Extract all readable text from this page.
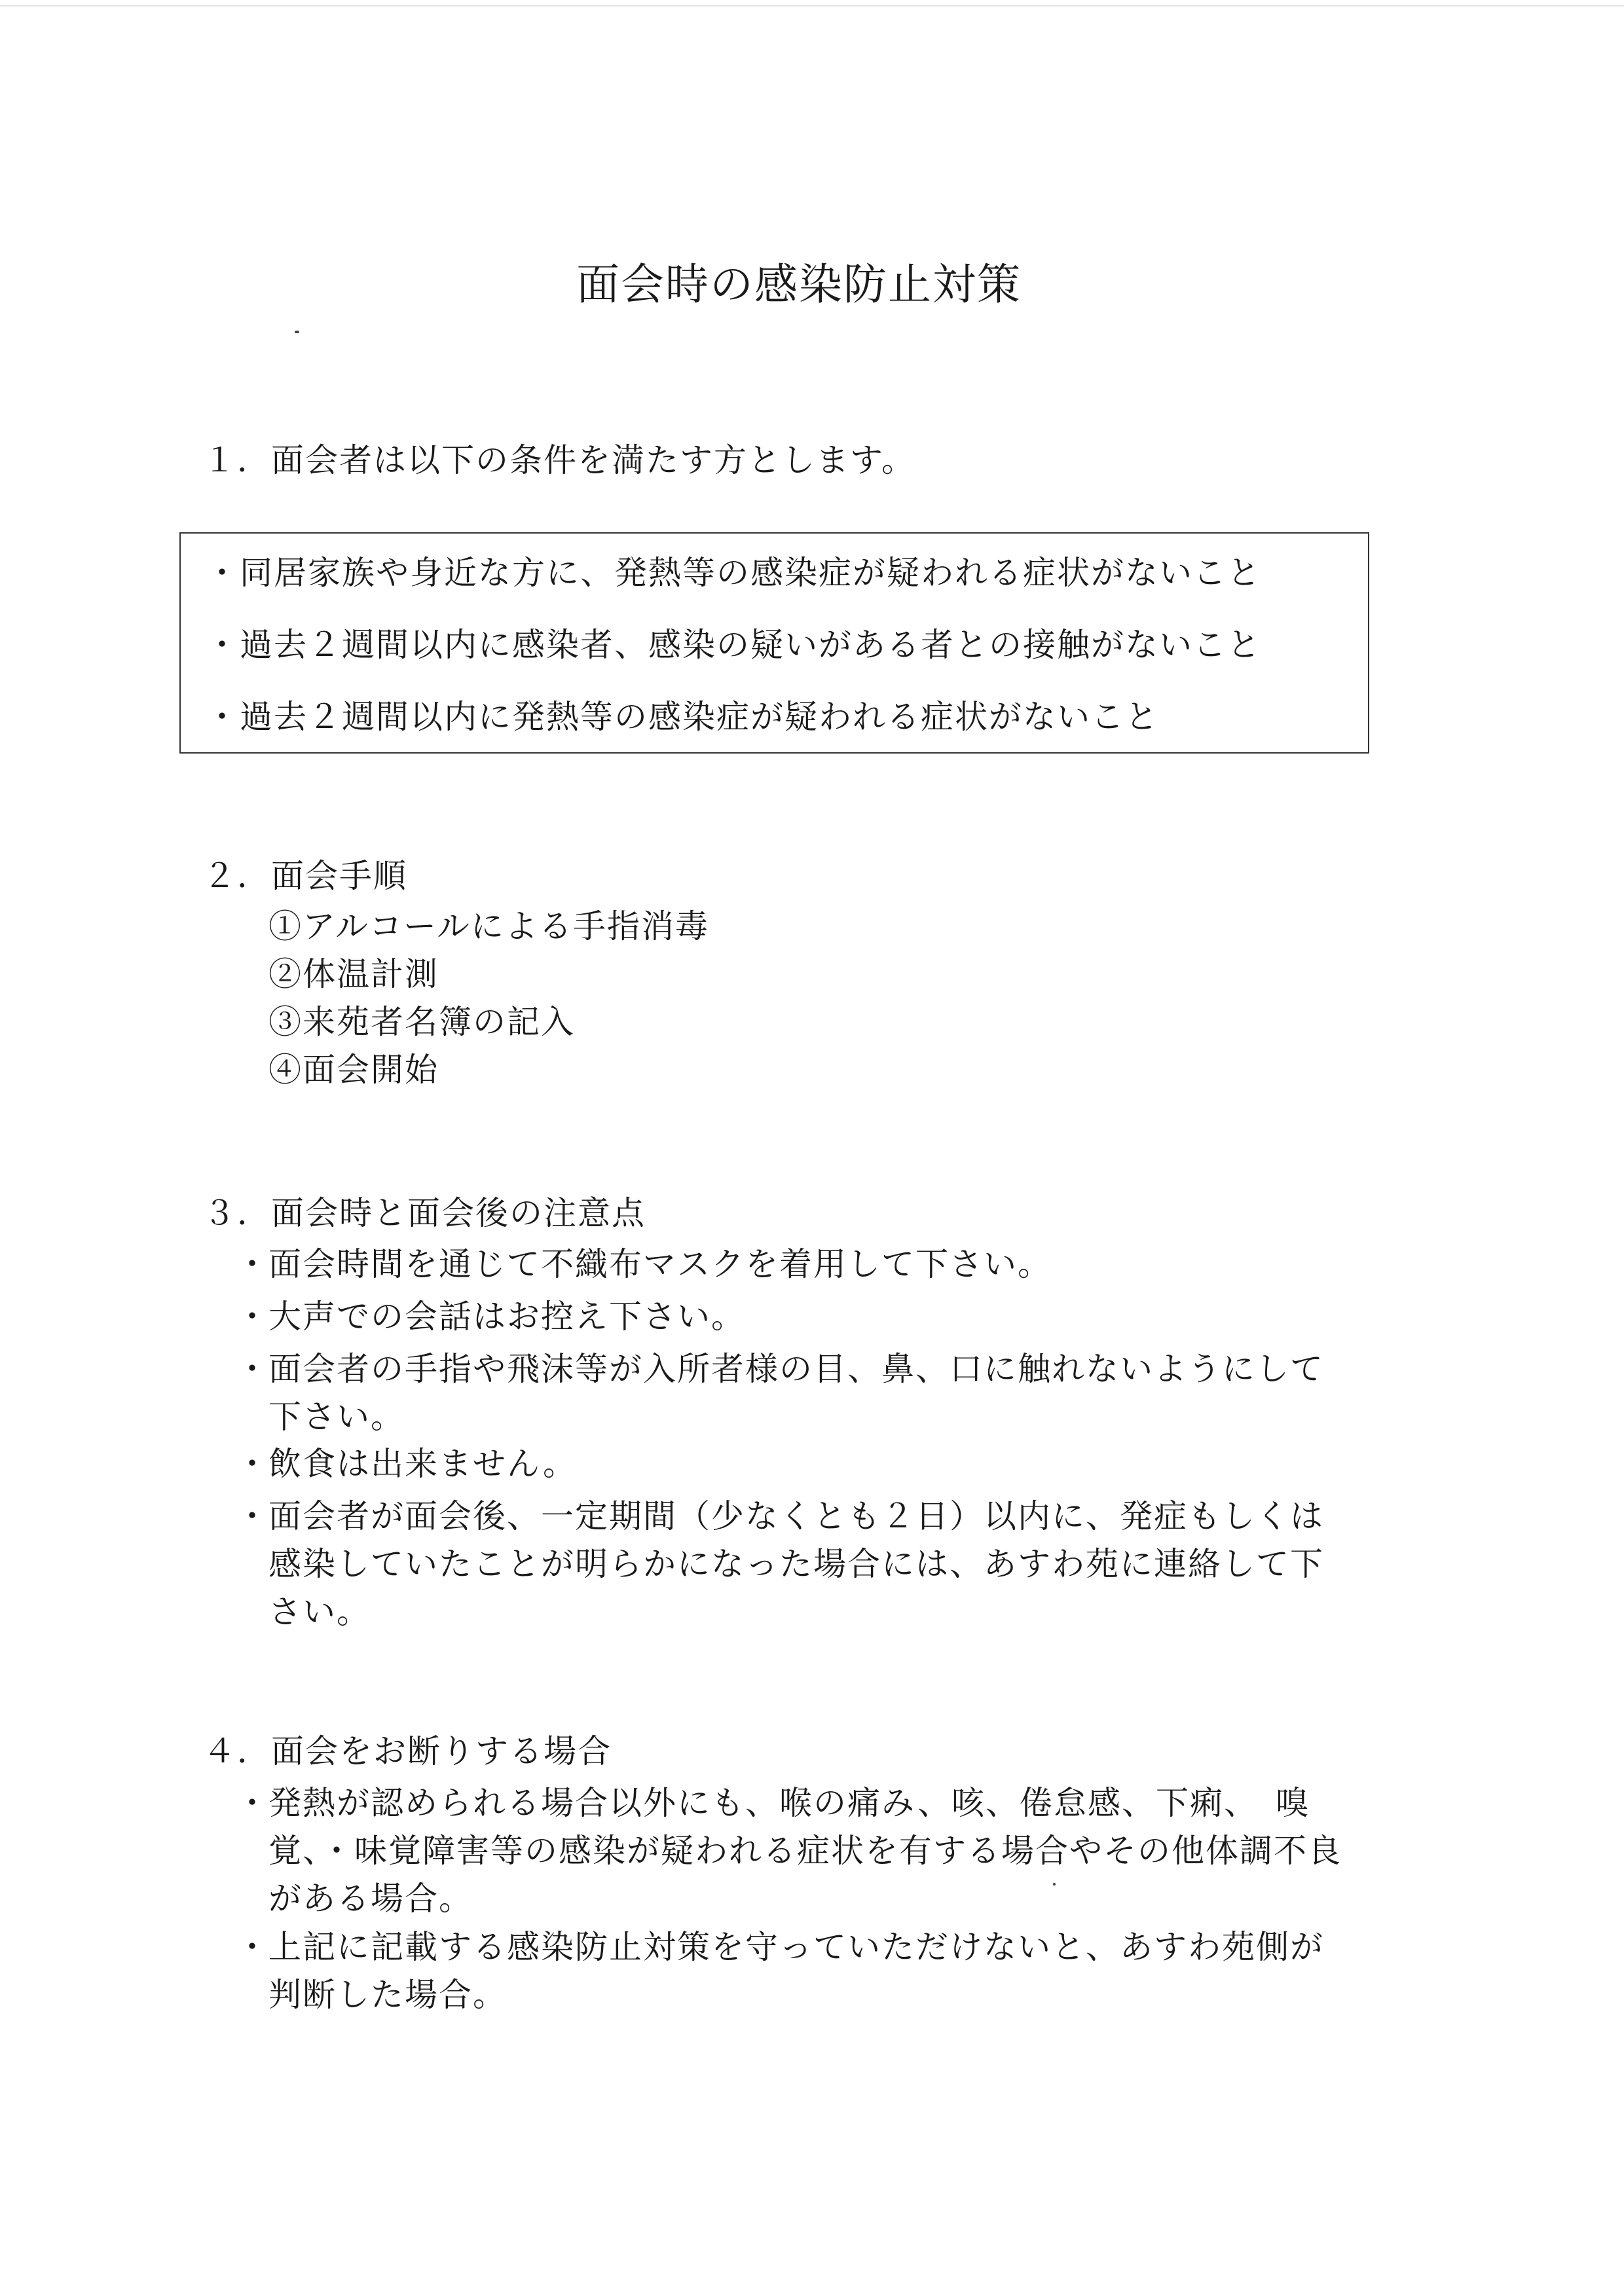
面会時の感染防止対策
１．面会者は以下の条件を満たす方とします。
・同居家族や身近な方に、発熱等の感染症が疑われる症状がないこと
・過去２週間以内に感染者、感染の疑いがある者との接触がないこと
・過去２週間以内に発熱等の感染症が疑われる症状がないこと
２．面会手順
①アルコールによる手指消毒
②体温計測
③来苑者名簿の記入
④面会開始
３．面会時と面会後の注意点
・
面会時間を通じて不織布マスクを着用して下さい。
・
大声での会話はお控え下さい。
・
面会者の手指や飛沫等が入所者様の目、鼻、口に触れないようにして
下さい。
・
飲食は出来ません。
・
面会者が面会後、一定期間（少なくとも２日）以内に、発症もしくは
感染していたことが明らかになった場合には、あすわ苑に連絡して下
さい。
４．面会をお断りする場合
・
発熱が認められる場合以外にも、喉の痛み、咳、倦怠感、下痢、　嗅
覚、・味覚障害等の感染が疑われる症状を有する場合やその他体調不良
がある場合。
・
上記に記載する感染防止対策を守っていただけないと、あすわ苑側が
判断した場合。
